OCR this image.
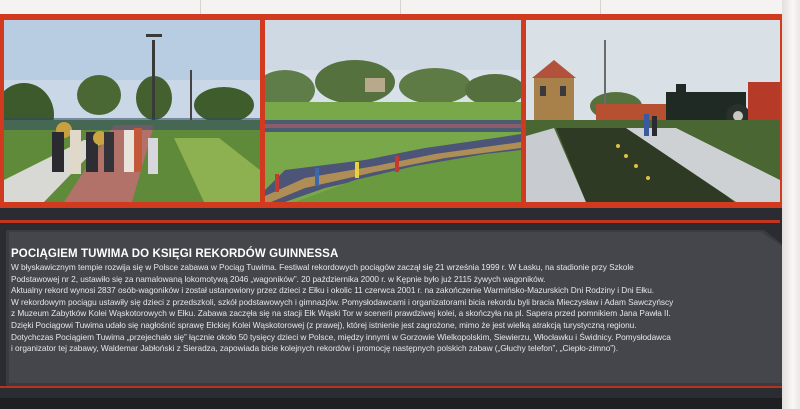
POCIĄGIEM TUWIMA DO KSIĘGI REKORDÓW GUINNESSA

W błyskawicznym tempie rozwija się w Polsce zabawa w Pociąg Tuwima. Festiwal rekordowych pociągów zaczął się 21 września 1999 r. W Łasku, na stadionie przy Szkole
Podstawowej nr 2, ustawiło się za namalowaną lokomotywą 2046 „wagoników”. 20 października 2000 r. w Kępnie było już 2115 żywych wagoników.
Aktualny rekord wynosi 2837 osób-wagoników i został ustanowiony przez dzieci z Ełku i okolic 11 czerwca 2001 r. na zakończenie Warmińsko-Mazurskich Dni Rodziny i Dni Ełku.
W rekordowym pociągu ustawiły się dzieci z przedszkoli, szkół podstawowych i gimnazjów. Pomysłodawcami i organizatorami bicia rekordu byli bracia Mieczysław i Adam Sawczyńscy
z Muzeum Zabytków Kolei Wąskotorowych w Ełku. Zabawa zaczęła się na stacji Ełk Wąski Tor w scenerii prawdziwej kolei, a skończyła na pl. Sapera przed pomnikiem Jana Pawła II.
Dzięki Pociągowi Tuwima udało się nagłośnić sprawę Ełckiej Kolei Wąskotorowej (z prawej), której istnienie jest zagrożone, mimo że jest wielką atrakcją turystyczną regionu.
Dotychczas Pociągiem Tuwima „przejechało się” łącznie około 50 tysięcy dzieci w Polsce, między innymi w Gorzowie Wielkopolskim, Siewierzu, Włocławku i Świdnicy. Pomysłodawca
i organizator tej zabawy, Waldemar Jabłoński z Sieradza, zapowiada bicie kolejnych rekordów i promocję następnych polskich zabaw („Głuchy telefon”, „Ciepło-zimno”).
